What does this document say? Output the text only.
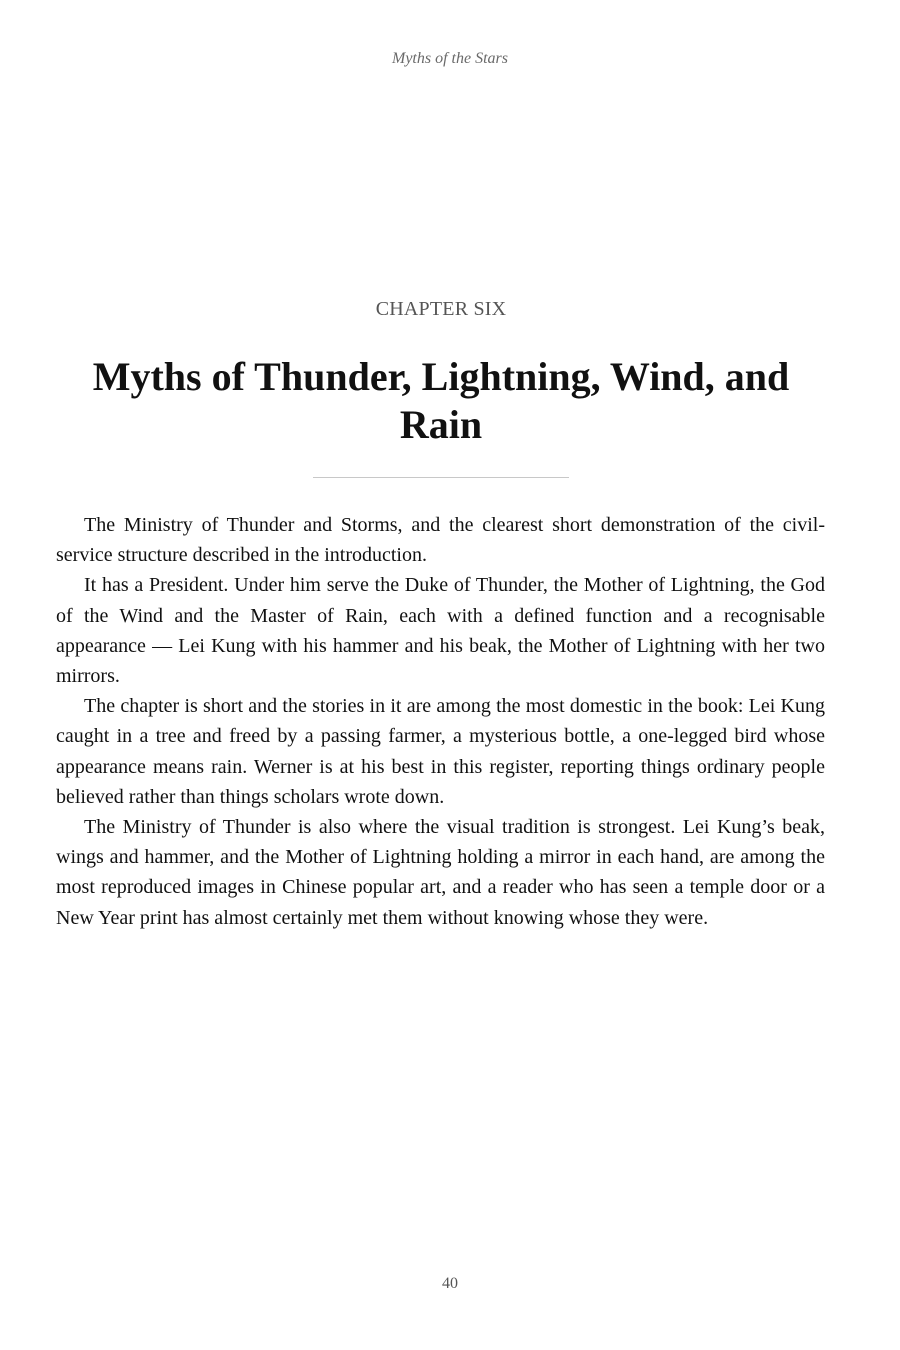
Myths of the Stars
CHAPTER SIX
Myths of Thunder, Lightning, Wind, and Rain

The Ministry of Thunder and Storms, and the clearest short demonstration of the civil-service structure described in the introduction.

It has a President. Under him serve the Duke of Thunder, the Mother of Lightning, the God of the Wind and the Master of Rain, each with a defined function and a recognisable appearance — Lei Kung with his hammer and his beak, the Mother of Lightning with her two mirrors.

The chapter is short and the stories in it are among the most domestic in the book: Lei Kung caught in a tree and freed by a passing farmer, a mysterious bottle, a one-legged bird whose appearance means rain. Werner is at his best in this register, reporting things ordinary people believed rather than things scholars wrote down.

The Ministry of Thunder is also where the visual tradition is strongest. Lei Kung’s beak, wings and hammer, and the Mother of Lightning holding a mirror in each hand, are among the most reproduced images in Chinese popular art, and a reader who has seen a temple door or a New Year print has almost certainly met them without knowing whose they were.

40
